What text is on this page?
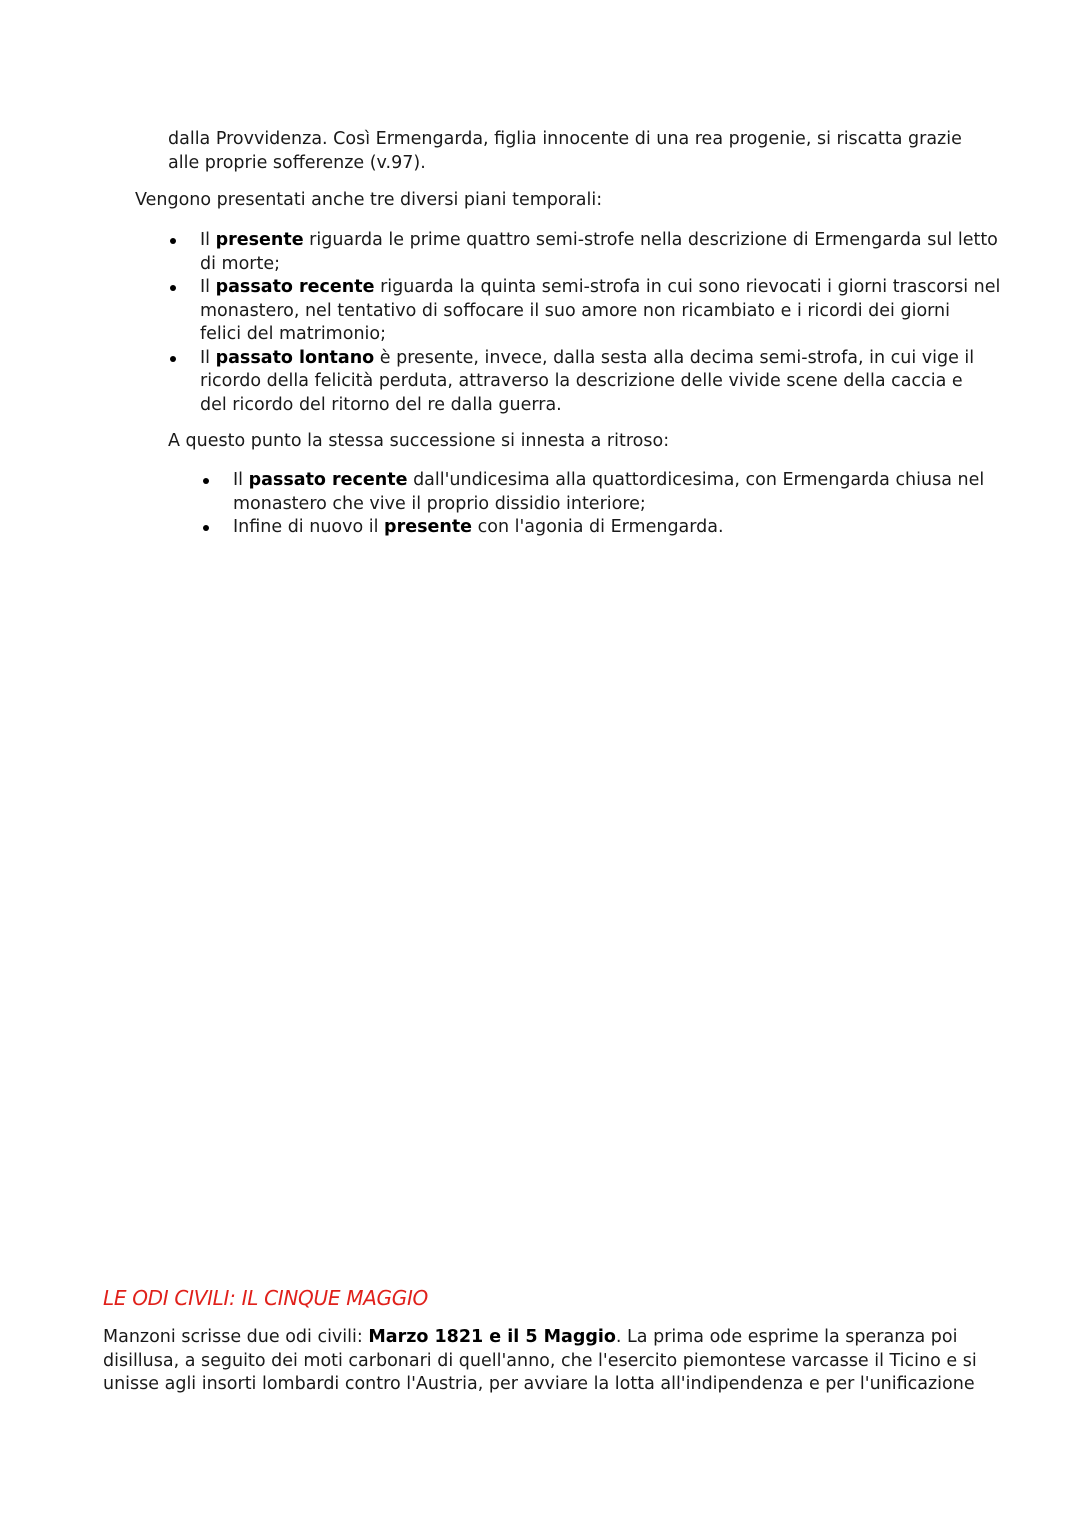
dalla Provvidenza. Così Ermengarda, figlia innocente di una rea progenie, si riscatta grazie

alle proprie sofferenze (v.97).

Vengono presentati anche tre diversi piani temporali:

Il presente riguarda le prime quattro semi-strofe nella descrizione di Ermengarda sul letto

di morte;

Il passato recente riguarda la quinta semi-strofa in cui sono rievocati i giorni trascorsi nel

monastero, nel tentativo di soffocare il suo amore non ricambiato e i ricordi dei giorni

felici del matrimonio;

Il passato lontano è presente, invece, dalla sesta alla decima semi-strofa, in cui vige il

ricordo della felicità perduta, attraverso la descrizione delle vivide scene della caccia e

del ricordo del ritorno del re dalla guerra.

A questo punto la stessa successione si innesta a ritroso:

Il passato recente dall'undicesima alla quattordicesima, con Ermengarda chiusa nel

monastero che vive il proprio dissidio interiore;

Infine di nuovo il presente con l'agonia di Ermengarda.

LE ODI CIVILI: IL CINQUE MAGGIO

Manzoni scrisse due odi civili: Marzo 1821 e il 5 Maggio. La prima ode esprime la speranza poi

disillusa, a seguito dei moti carbonari di quell'anno, che l'esercito piemontese varcasse il Ticino e si

unisse agli insorti lombardi contro l'Austria, per avviare la lotta all'indipendenza e per l'unificazione
